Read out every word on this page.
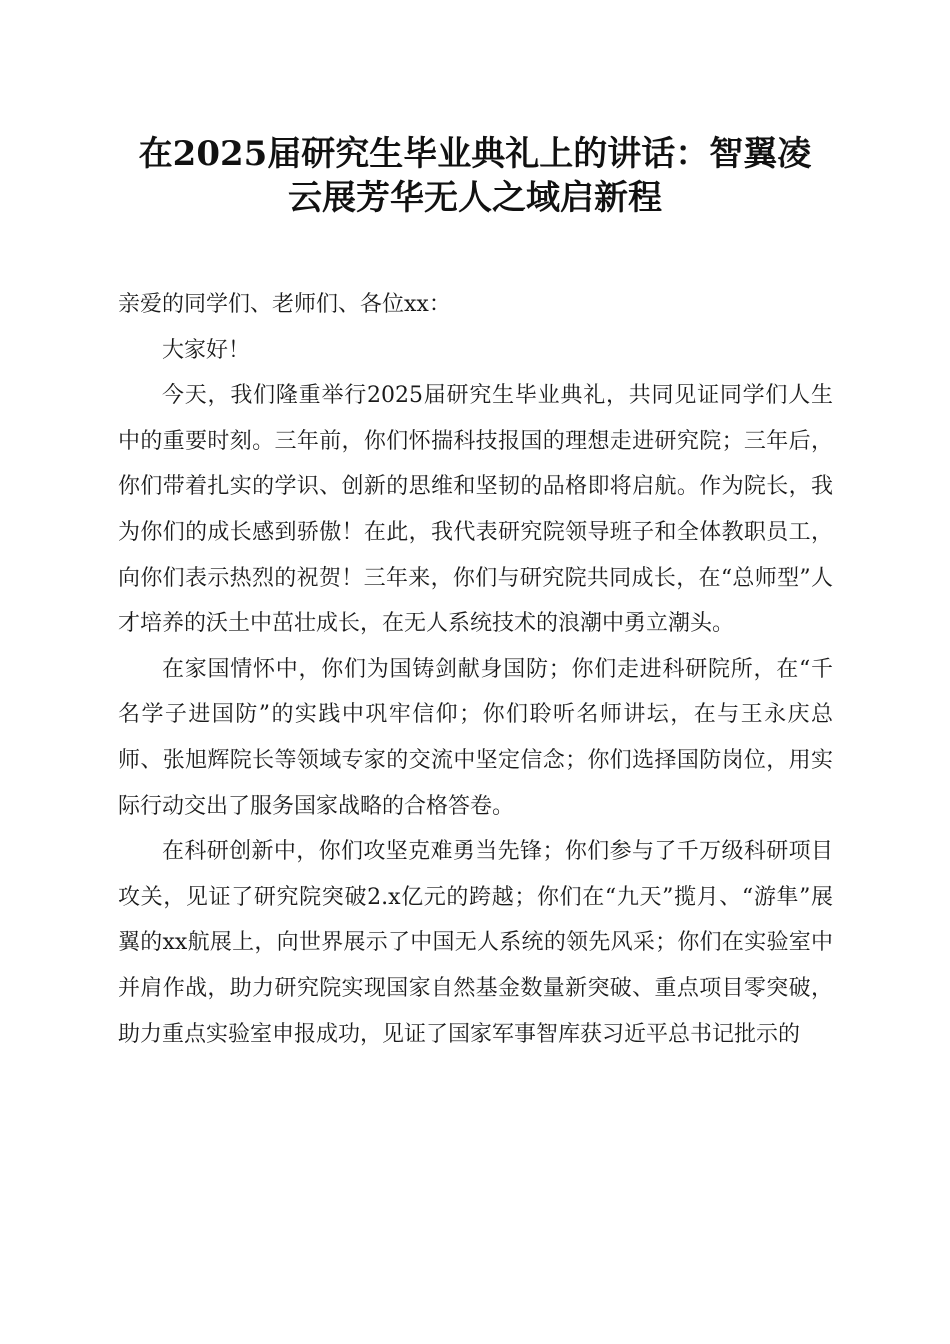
在2025届研究生毕业典礼上的讲话：智翼凌
云展芳华无人之域启新程

亲爱的同学们、老师们、各位xx：

大家好！

今天，我们隆重举行2025届研究生毕业典礼，共同见证同学们人生中的重要时刻。三年前，你们怀揣科技报国的理想走进研究院；三年后，你们带着扎实的学识、创新的思维和坚韧的品格即将启航。作为院长，我为你们的成长感到骄傲！在此，我代表研究院领导班子和全体教职员工，向你们表示热烈的祝贺！三年来，你们与研究院共同成长，在“总师型”人才培养的沃土中茁壮成长，在无人系统技术的浪潮中勇立潮头。

在家国情怀中，你们为国铸剑献身国防；你们走进科研院所，在“千名学子进国防”的实践中巩牢信仰；你们聆听名师讲坛，在与王永庆总师、张旭辉院长等领域专家的交流中坚定信念；你们选择国防岗位，用实际行动交出了服务国家战略的合格答卷。

在科研创新中，你们攻坚克难勇当先锋；你们参与了千万级科研项目攻关，见证了研究院突破2.x亿元的跨越；你们在“九天”揽月、“游隼”展翼的xx航展上，向世界展示了中国无人系统的领先风采；你们在实验室中并肩作战，助力研究院实现国家自然基金数量新突破、重点项目零突破，助力重点实验室申报成功，见证了国家军事智库获习近平总书记批示的
